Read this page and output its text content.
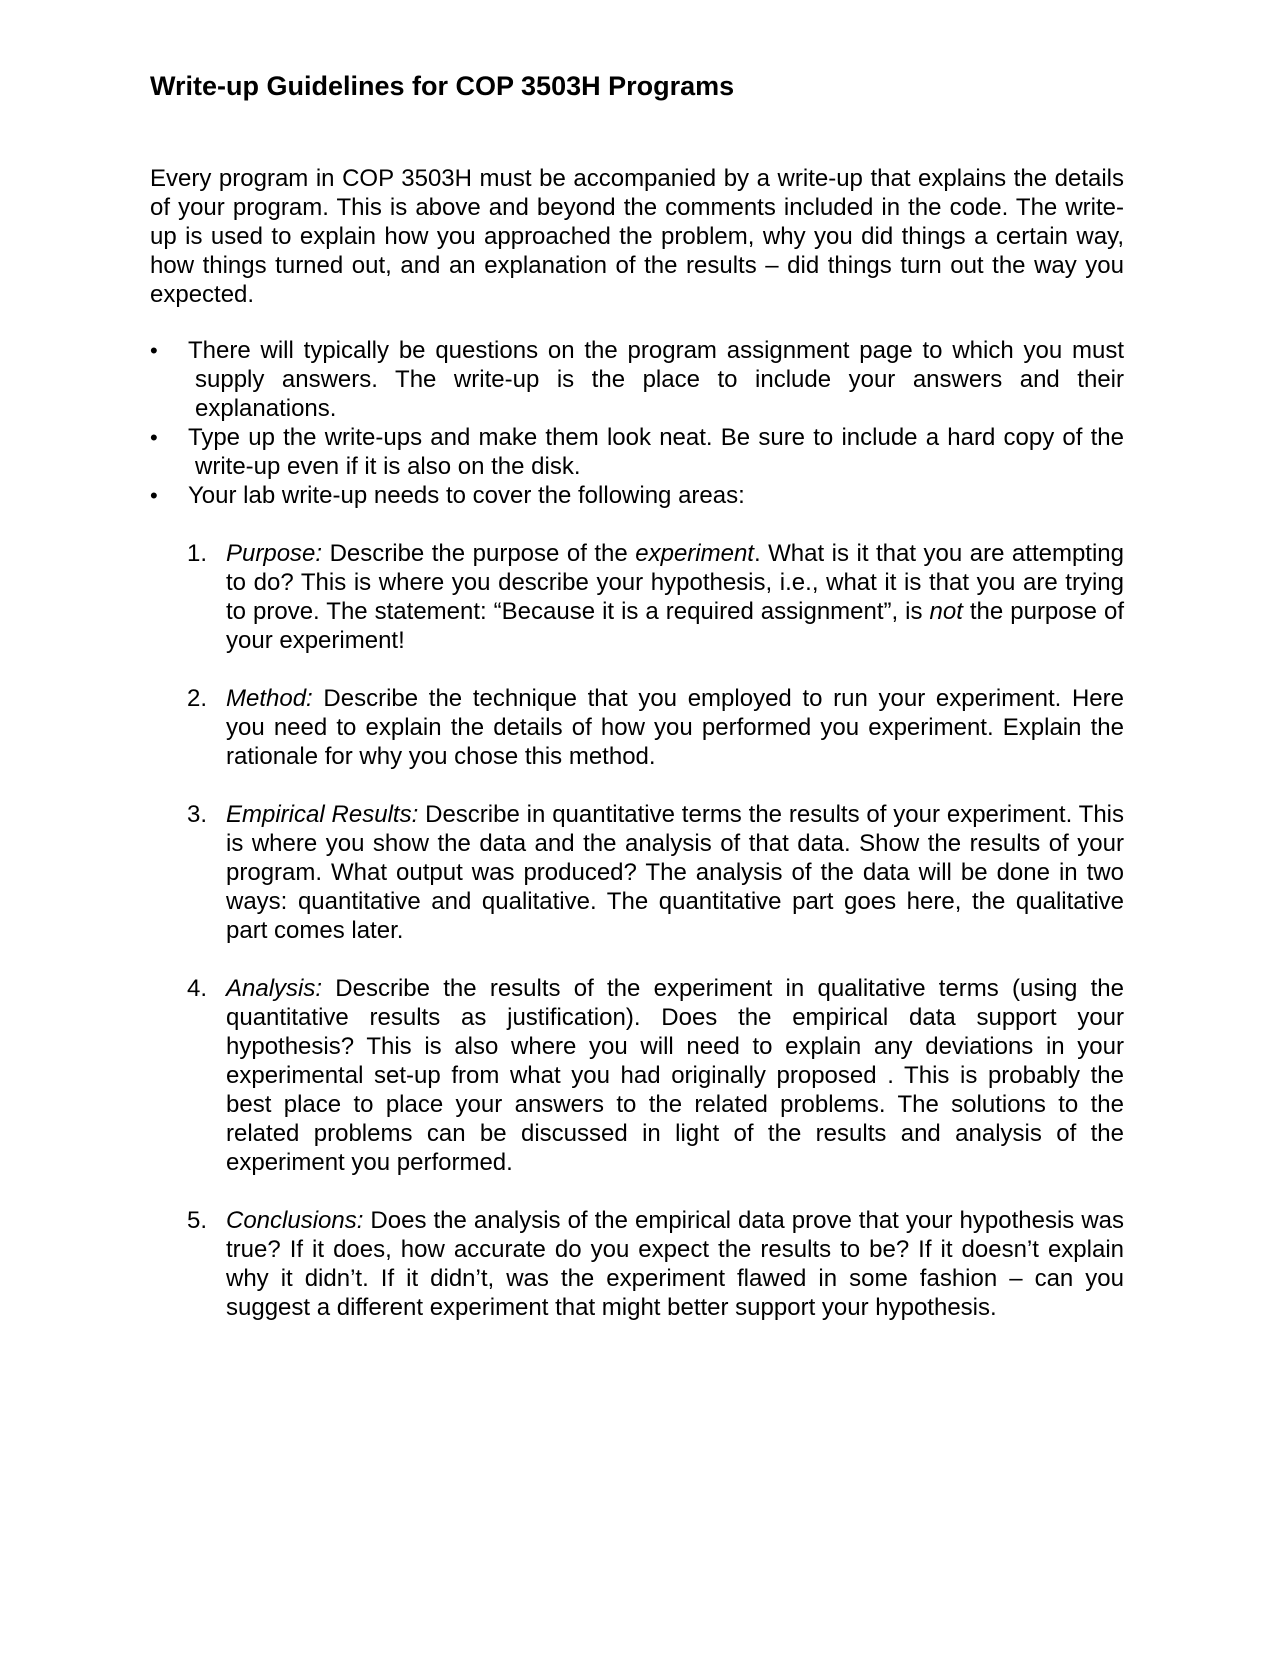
Write-up Guidelines for COP 3503H Programs

Every program in COP 3503H must be accompanied by a write-up that explains the details of your program. This is above and beyond the comments included in the code. The write-up is used to explain how you approached the problem, why you did things a certain way, how things turned out, and an explanation of the results – did things turn out the way you expected.

•	There will typically be questions on the program assignment page to which you must supply answers. The write-up is the place to include your answers and their explanations.
•	Type up the write-ups and make them look neat. Be sure to include a hard copy of the write-up even if it is also on the disk.
•	Your lab write-up needs to cover the following areas:
1. Purpose: Describe the purpose of the experiment. What is it that you are attempting to do? This is where you describe your hypothesis, i.e., what it is that you are trying to prove. The statement: “Because it is a required assignment”, is not the purpose of your experiment!
2. Method: Describe the technique that you employed to run your experiment. Here you need to explain the details of how you performed you experiment. Explain the rationale for why you chose this method.
3. Empirical Results: Describe in quantitative terms the results of your experiment. This is where you show the data and the analysis of that data. Show the results of your program. What output was produced? The analysis of the data will be done in two ways: quantitative and qualitative. The quantitative part goes here, the qualitative part comes later.
4. Analysis: Describe the results of the experiment in qualitative terms (using the quantitative results as justification). Does the empirical data support your hypothesis? This is also where you will need to explain any deviations in your experimental set-up from what you had originally proposed . This is probably the best place to place your answers to the related problems. The solutions to the related problems can be discussed in light of the results and analysis of the experiment you performed.
5. Conclusions: Does the analysis of the empirical data prove that your hypothesis was true? If it does, how accurate do you expect the results to be? If it doesn’t explain why it didn’t. If it didn’t, was the experiment flawed in some fashion – can you suggest a different experiment that might better support your hypothesis.
